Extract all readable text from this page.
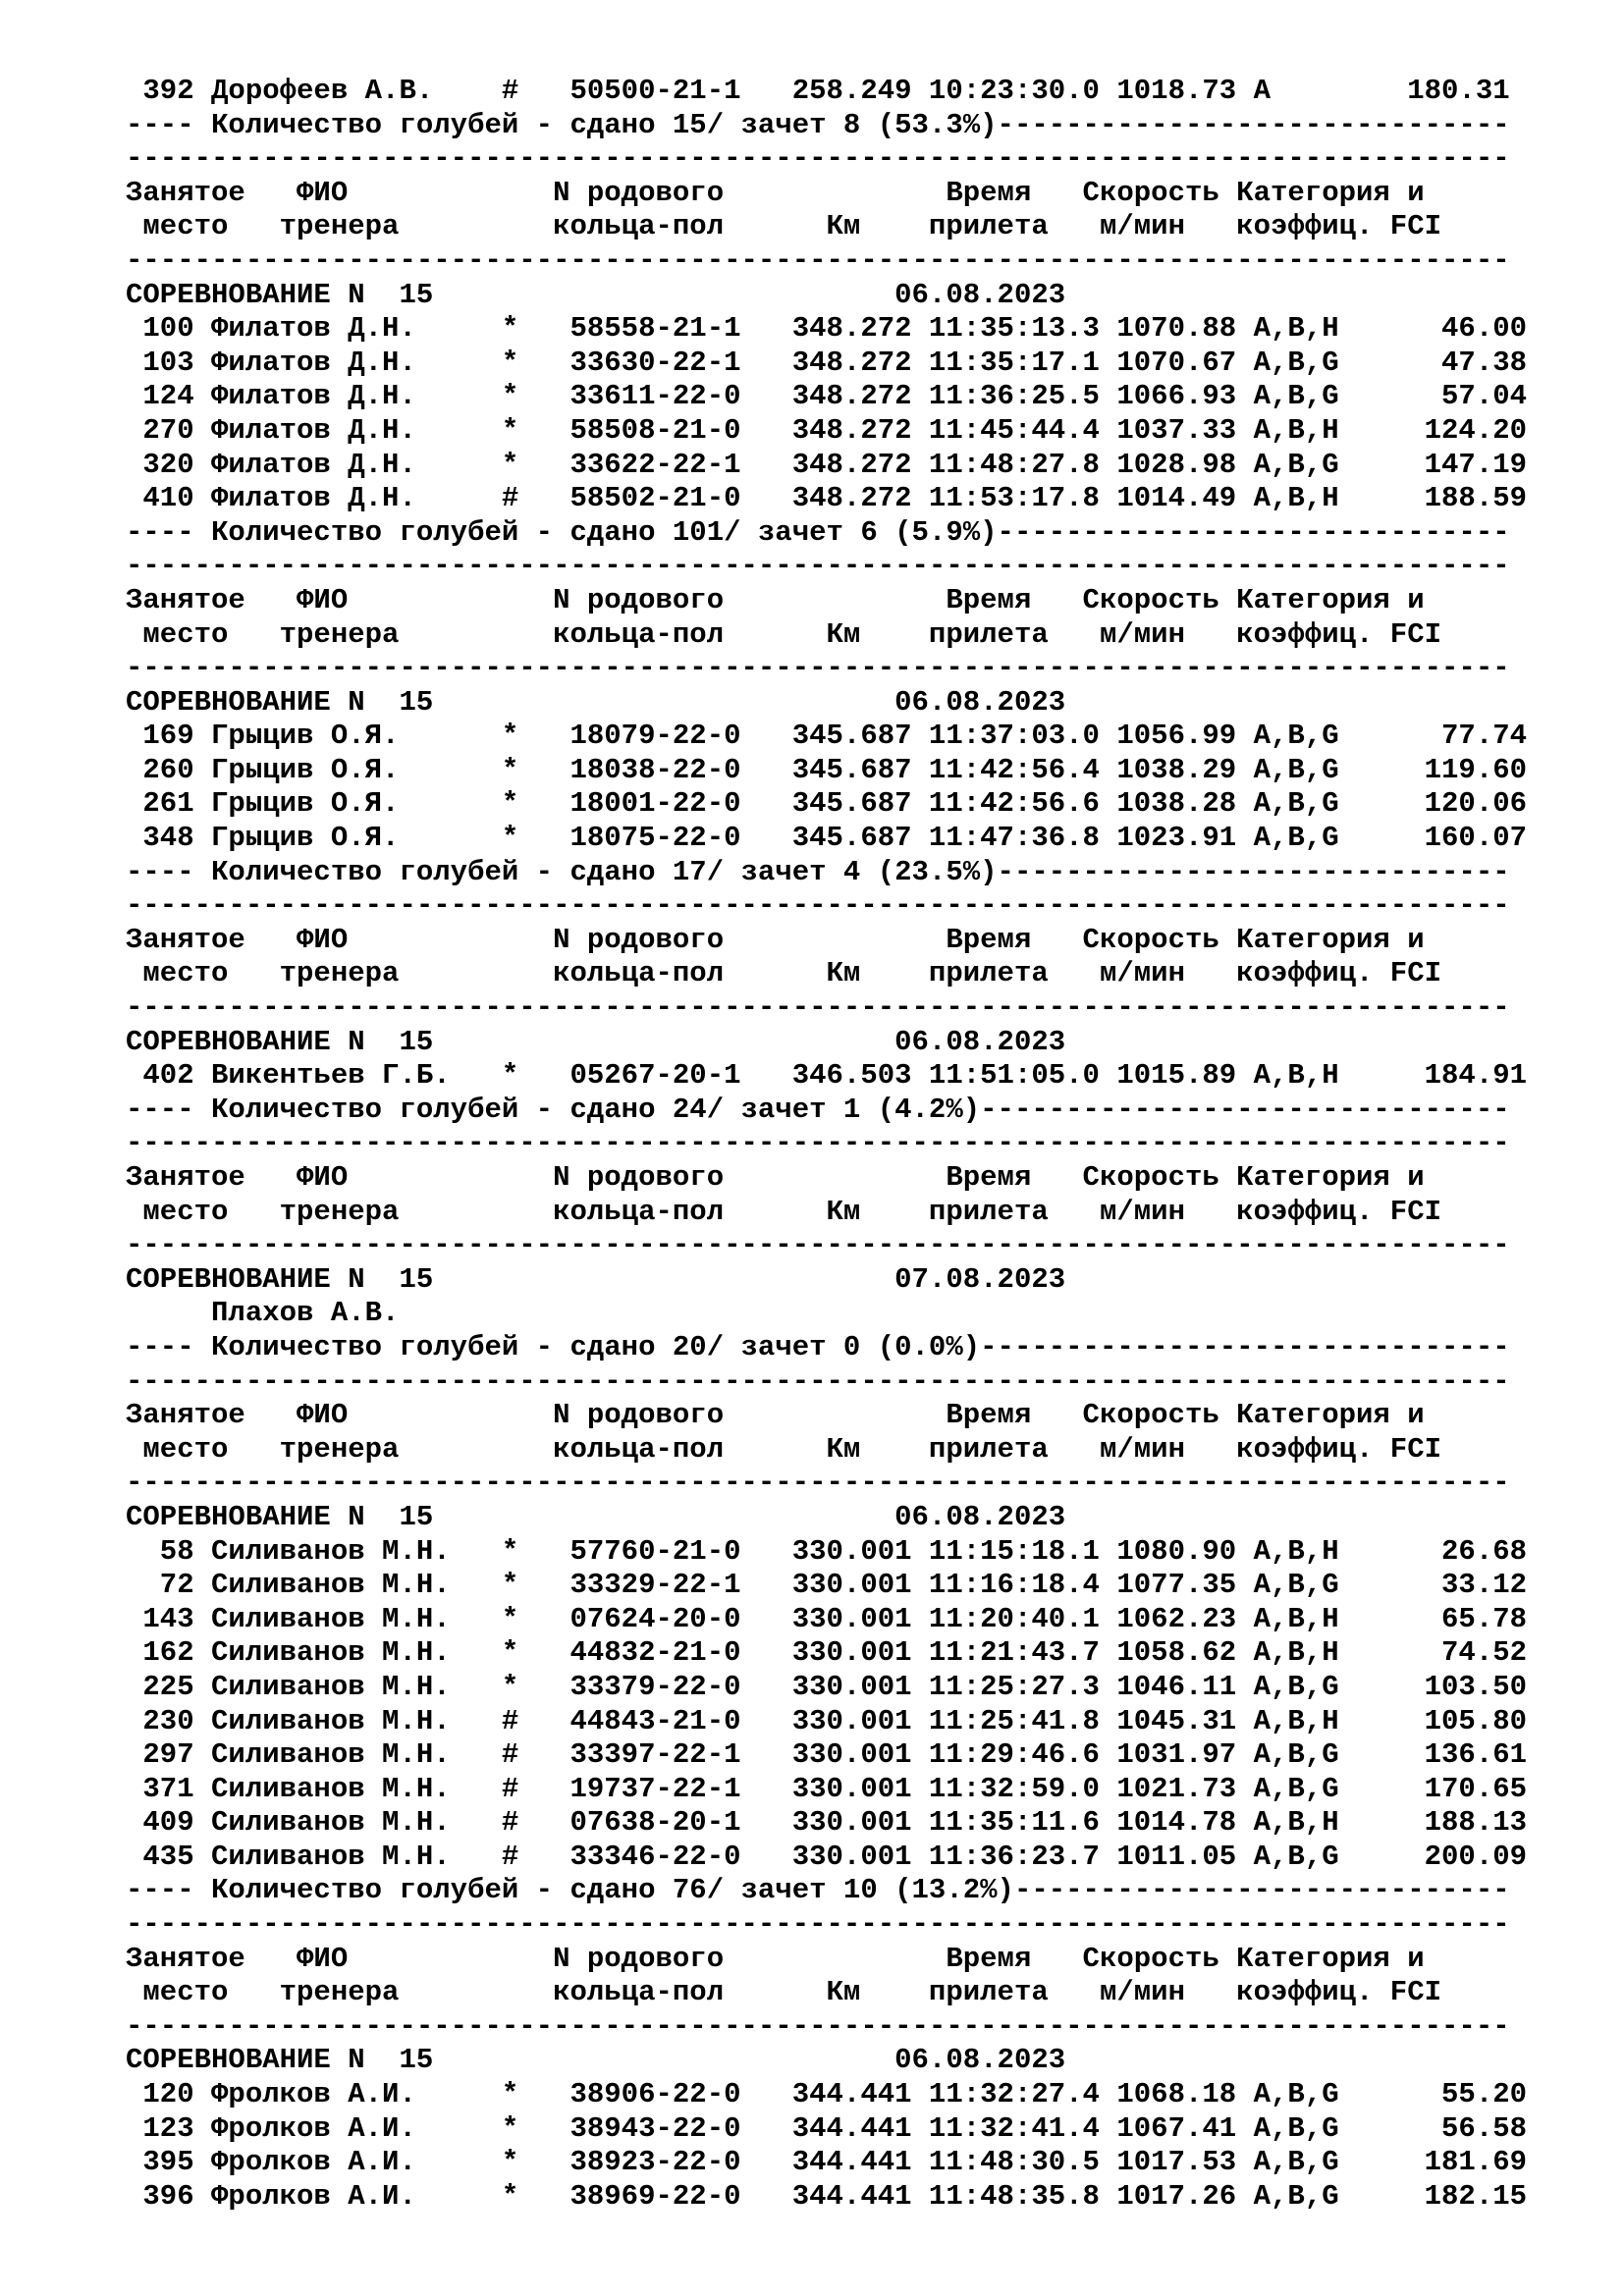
392 Дорофеев А.В.    #   50500-21-1   258.249 10:23:30.0 1018.73 A        180.31
---- Количество голубей - сдано 15/ зачет 8 (53.3%)------------------------------
---------------------------------------------------------------------------------
Занятое   ФИО            N родового             Время   Скорость Категория и
место   тренера         кольца-пол      Км    прилета   м/мин   коэффиц. FCI
---------------------------------------------------------------------------------
СОРЕВНОВАНИЕ N  15                           06.08.2023
100 Филатов Д.Н.     *   58558-21-1   348.272 11:35:13.3 1070.88 A,B,H      46.00
103 Филатов Д.Н.     *   33630-22-1   348.272 11:35:17.1 1070.67 A,B,G      47.38
124 Филатов Д.Н.     *   33611-22-0   348.272 11:36:25.5 1066.93 A,B,G      57.04
270 Филатов Д.Н.     *   58508-21-0   348.272 11:45:44.4 1037.33 A,B,H     124.20
320 Филатов Д.Н.     *   33622-22-1   348.272 11:48:27.8 1028.98 A,B,G     147.19
410 Филатов Д.Н.     #   58502-21-0   348.272 11:53:17.8 1014.49 A,B,H     188.59
---- Количество голубей - сдано 101/ зачет 6 (5.9%)------------------------------
---------------------------------------------------------------------------------
Занятое   ФИО            N родового             Время   Скорость Категория и
место   тренера         кольца-пол      Км    прилета   м/мин   коэффиц. FCI
---------------------------------------------------------------------------------
СОРЕВНОВАНИЕ N  15                           06.08.2023
169 Грыцив О.Я.      *   18079-22-0   345.687 11:37:03.0 1056.99 A,B,G      77.74
260 Грыцив О.Я.      *   18038-22-0   345.687 11:42:56.4 1038.29 A,B,G     119.60
261 Грыцив О.Я.      *   18001-22-0   345.687 11:42:56.6 1038.28 A,B,G     120.06
348 Грыцив О.Я.      *   18075-22-0   345.687 11:47:36.8 1023.91 A,B,G     160.07
---- Количество голубей - сдано 17/ зачет 4 (23.5%)------------------------------
---------------------------------------------------------------------------------
Занятое   ФИО            N родового             Время   Скорость Категория и
место   тренера         кольца-пол      Км    прилета   м/мин   коэффиц. FCI
---------------------------------------------------------------------------------
СОРЕВНОВАНИЕ N  15                           06.08.2023
402 Викентьев Г.Б.   *   05267-20-1   346.503 11:51:05.0 1015.89 A,B,H     184.91
---- Количество голубей - сдано 24/ зачет 1 (4.2%)-------------------------------
---------------------------------------------------------------------------------
Занятое   ФИО            N родового             Время   Скорость Категория и
место   тренера         кольца-пол      Км    прилета   м/мин   коэффиц. FCI
---------------------------------------------------------------------------------
СОРЕВНОВАНИЕ N  15                           07.08.2023
Плахов А.В.
---- Количество голубей - сдано 20/ зачет 0 (0.0%)-------------------------------
---------------------------------------------------------------------------------
Занятое   ФИО            N родового             Время   Скорость Категория и
место   тренера         кольца-пол      Км    прилета   м/мин   коэффиц. FCI
---------------------------------------------------------------------------------
СОРЕВНОВАНИЕ N  15                           06.08.2023
58 Силиванов М.Н.   *   57760-21-0   330.001 11:15:18.1 1080.90 A,B,H      26.68
72 Силиванов М.Н.   *   33329-22-1   330.001 11:16:18.4 1077.35 A,B,G      33.12
143 Силиванов М.Н.   *   07624-20-0   330.001 11:20:40.1 1062.23 A,B,H      65.78
162 Силиванов М.Н.   *   44832-21-0   330.001 11:21:43.7 1058.62 A,B,H      74.52
225 Силиванов М.Н.   *   33379-22-0   330.001 11:25:27.3 1046.11 A,B,G     103.50
230 Силиванов М.Н.   #   44843-21-0   330.001 11:25:41.8 1045.31 A,B,H     105.80
297 Силиванов М.Н.   #   33397-22-1   330.001 11:29:46.6 1031.97 A,B,G     136.61
371 Силиванов М.Н.   #   19737-22-1   330.001 11:32:59.0 1021.73 A,B,G     170.65
409 Силиванов М.Н.   #   07638-20-1   330.001 11:35:11.6 1014.78 A,B,H     188.13
435 Силиванов М.Н.   #   33346-22-0   330.001 11:36:23.7 1011.05 A,B,G     200.09
---- Количество голубей - сдано 76/ зачет 10 (13.2%)-----------------------------
---------------------------------------------------------------------------------
Занятое   ФИО            N родового             Время   Скорость Категория и
место   тренера         кольца-пол      Км    прилета   м/мин   коэффиц. FCI
---------------------------------------------------------------------------------
СОРЕВНОВАНИЕ N  15                           06.08.2023
120 Фролков А.И.     *   38906-22-0   344.441 11:32:27.4 1068.18 A,B,G      55.20
123 Фролков А.И.     *   38943-22-0   344.441 11:32:41.4 1067.41 A,B,G      56.58
395 Фролков А.И.     *   38923-22-0   344.441 11:48:30.5 1017.53 A,B,G     181.69
396 Фролков А.И.     *   38969-22-0   344.441 11:48:35.8 1017.26 A,B,G     182.15
